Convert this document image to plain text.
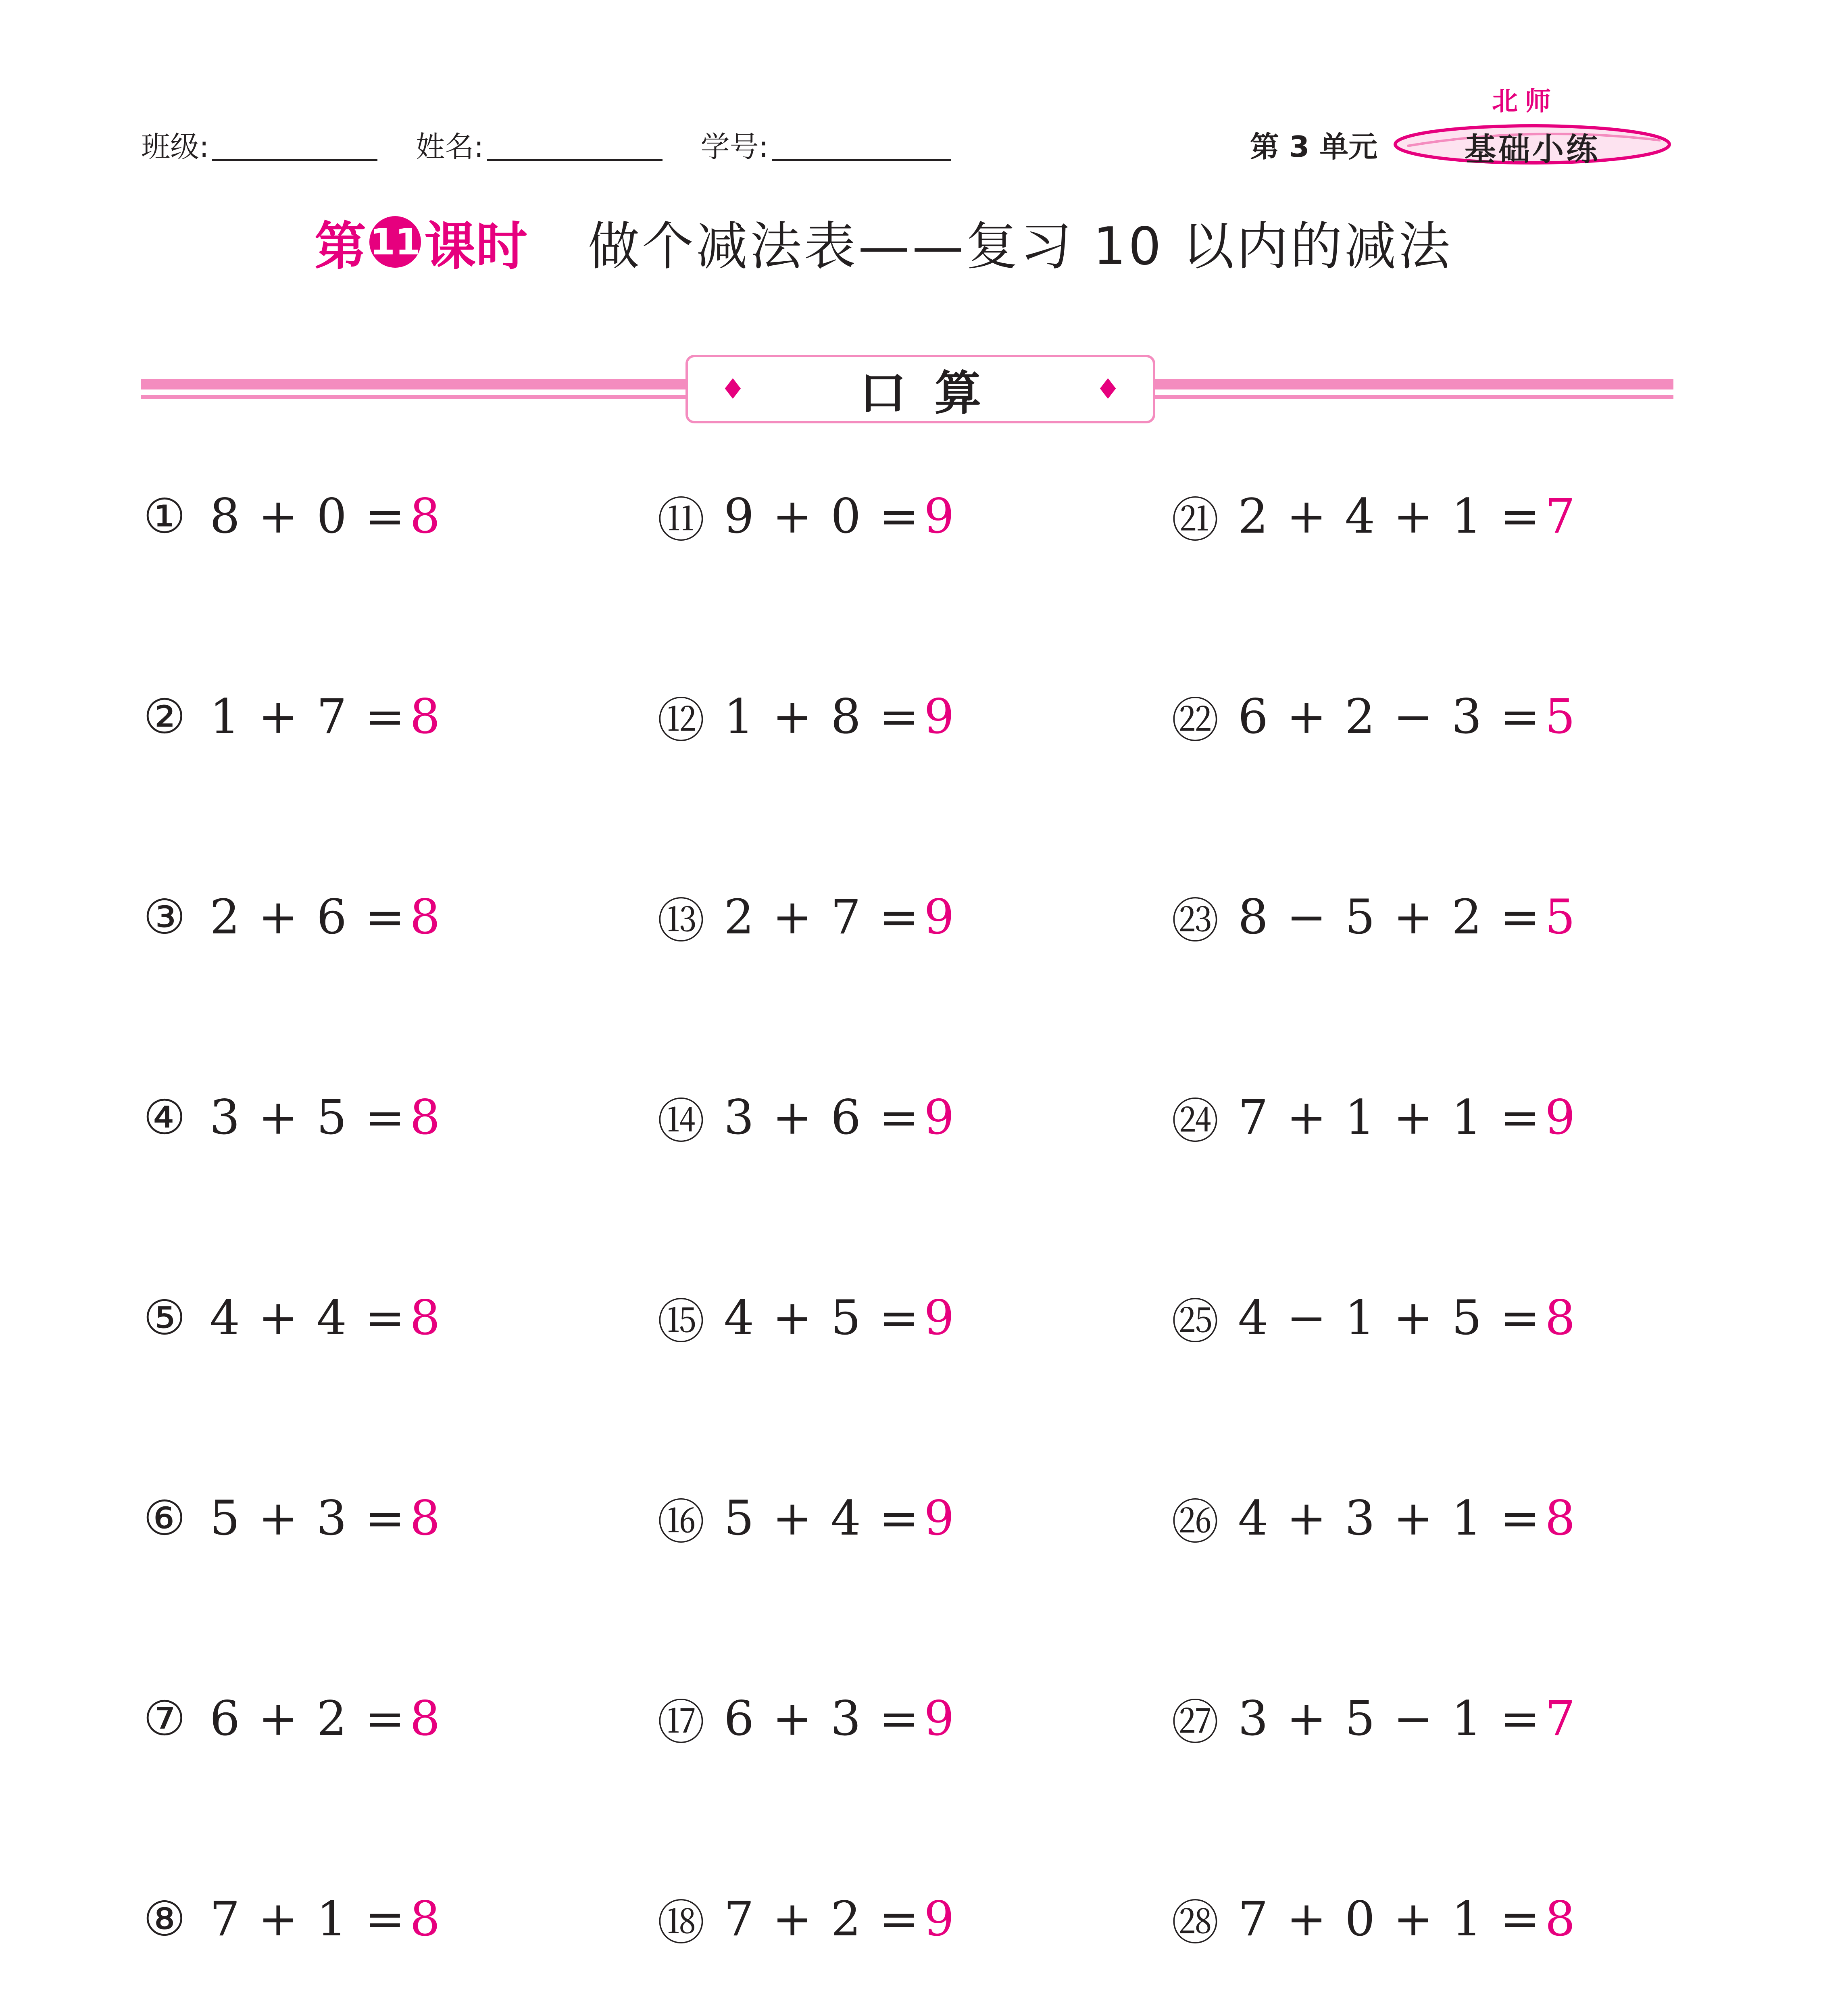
班级:	姓名:	学号:	第 3 单元
北师
基础小练
第 11 课时 做个减法表——复习 10 以内的减法
♦	口算	♦
① 8 + 0 = 8	⑪ 9 + 0 = 9	㉑ 2 + 4 + 1 = 7
② 1 + 7 = 8	⑫ 1 + 8 = 9	㉒ 6 + 2 − 3 = 5
③ 2 + 6 = 8	⑬ 2 + 7 = 9	㉓ 8 − 5 + 2 = 5
④ 3 + 5 = 8	⑭ 3 + 6 = 9	㉔ 7 + 1 + 1 = 9
⑤ 4 + 4 = 8	⑮ 4 + 5 = 9	㉕ 4 − 1 + 5 = 8
⑥ 5 + 3 = 8	⑯ 5 + 4 = 9	㉖ 4 + 3 + 1 = 8
⑦ 6 + 2 = 8	⑰ 6 + 3 = 9	㉗ 3 + 5 − 1 = 7
⑧ 7 + 1 = 8	⑱ 7 + 2 = 9	㉘ 7 + 0 + 1 = 8
